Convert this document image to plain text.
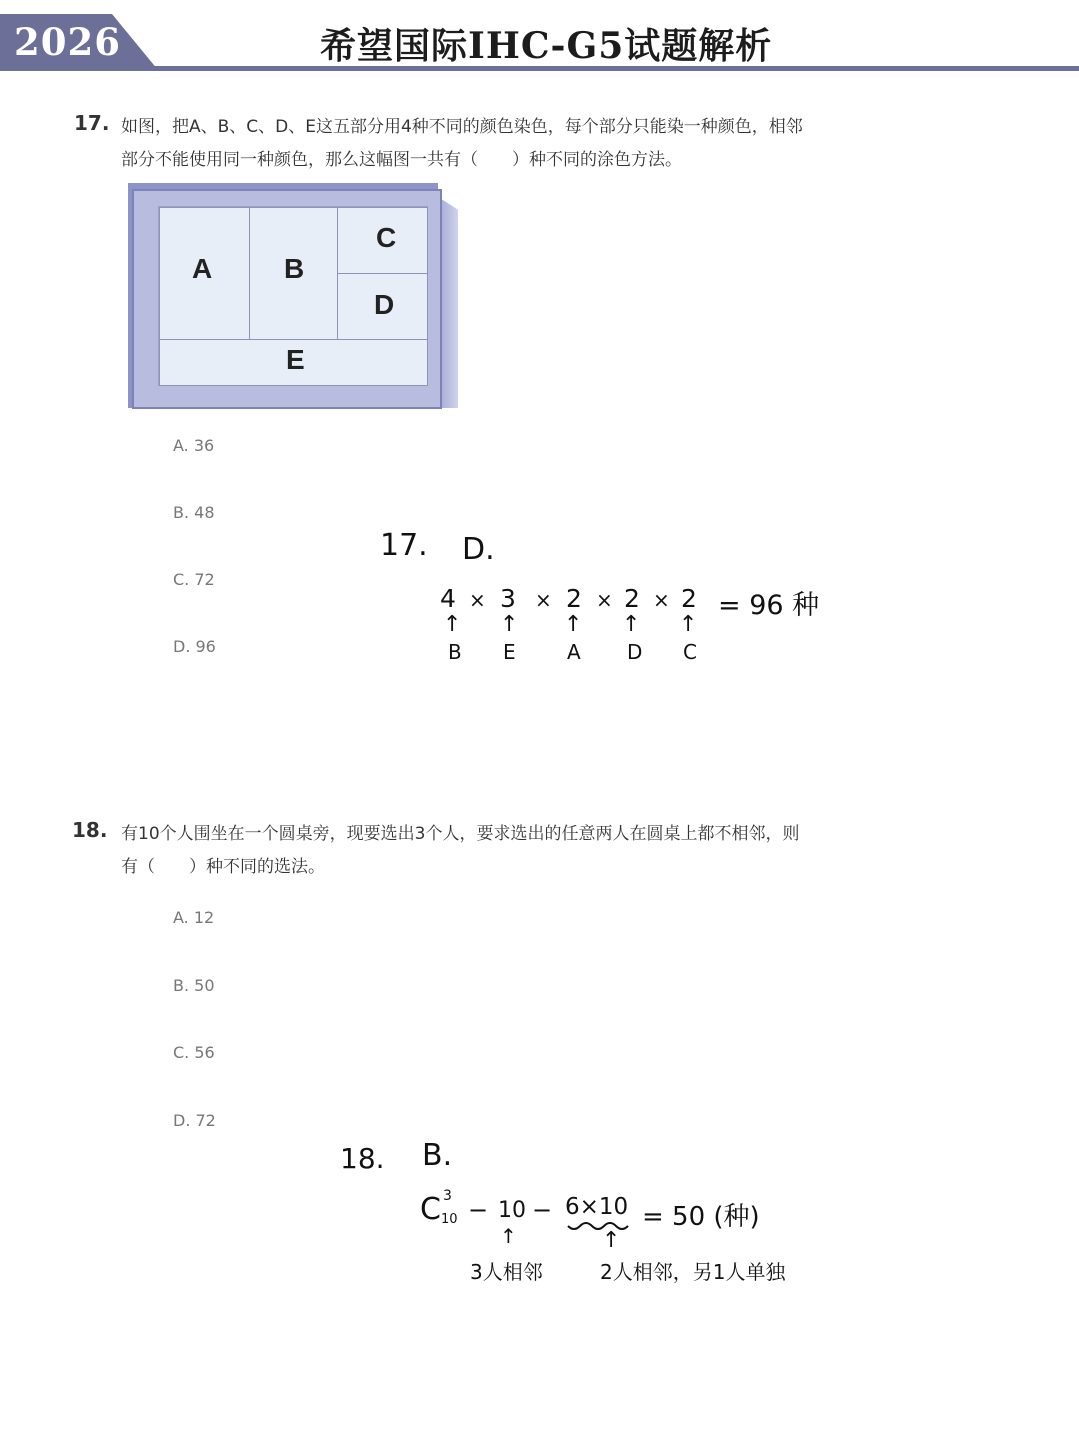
2026	希望国际IHC-G5试题解析
17. 如图，把A、B、C、D、E这五部分用4种不同的颜色染色，每个部分只能染一种颜色，相邻
部分不能使用同一种颜色，那么这幅图一共有（　　）种不同的涂色方法。
A	B
C
D
E
A. 36
B. 48
C. 72
D. 96
17. D.
4 × 3 × 2 × 2 × 2 = 96 种
↑ ↑ ↑ ↑ ↑
B E	A D C
18. 有10个人围坐在一个圆桌旁，现要选出3个人，要求选出的任意两人在圆桌上都不相邻，则
有（　　）种不同的选法。
A. 12
B. 50
C. 56
D. 72
18. B.
C 3
10 − 10 − 6×10 = 50 (种)
↑	↑
3人相邻	2人相邻，另1人单独
